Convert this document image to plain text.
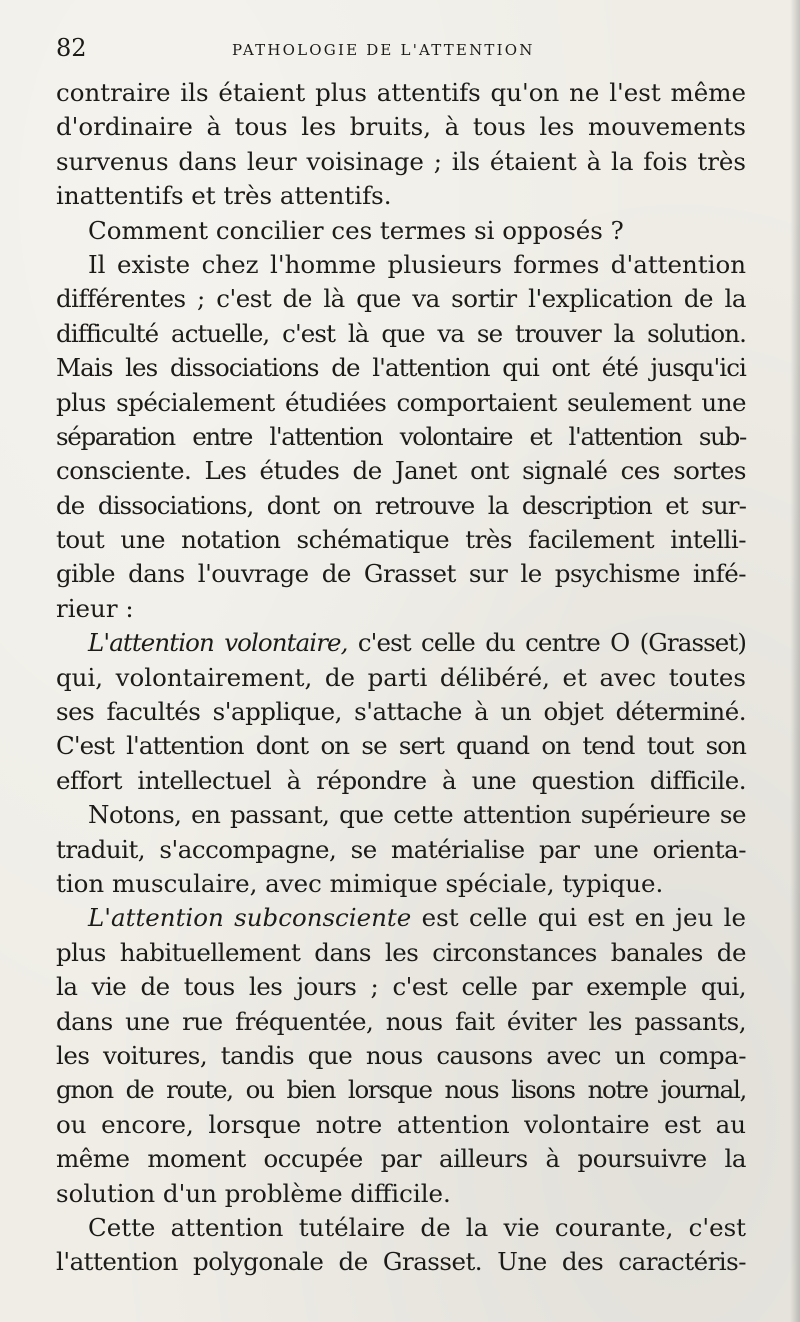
82	PATHOLOGIE DE L'ATTENTION
contraire ils étaient plus attentifs qu'on ne l'est même
d'ordinaire à tous les bruits, à tous les mouvements
survenus dans leur voisinage ; ils étaient à la fois très
inattentifs et très attentifs.
Comment concilier ces termes si opposés ?
Il existe chez l'homme plusieurs formes d'attention
différentes ; c'est de là que va sortir l'explication de la
difficulté actuelle, c'est là que va se trouver la solution.
Mais les dissociations de l'attention qui ont été jusqu'ici
plus spécialement étudiées comportaient seulement une
séparation entre l'attention volontaire et l'attention sub-
consciente. Les études de Janet ont signalé ces sortes
de dissociations, dont on retrouve la description et sur-
tout une notation schématique très facilement intelli-
gible dans l'ouvrage de Grasset sur le psychisme infé-
rieur :
L'attention volontaire, c'est celle du centre O (Grasset)
qui, volontairement, de parti délibéré, et avec toutes
ses facultés s'applique, s'attache à un objet déterminé.
C'est l'attention dont on se sert quand on tend tout son
effort intellectuel à répondre à une question difficile.
Notons, en passant, que cette attention supérieure se
traduit, s'accompagne, se matérialise par une orienta-
tion musculaire, avec mimique spéciale, typique.
L'attention subconsciente est celle qui est en jeu le
plus habituellement dans les circonstances banales de
la vie de tous les jours ; c'est celle par exemple qui,
dans une rue fréquentée, nous fait éviter les passants,
les voitures, tandis que nous causons avec un compa-
gnon de route, ou bien lorsque nous lisons notre journal,
ou encore, lorsque notre attention volontaire est au
même moment occupée par ailleurs à poursuivre la
solution d'un problème difficile.
Cette attention tutélaire de la vie courante, c'est
l'attention polygonale de Grasset. Une des caractéris-
